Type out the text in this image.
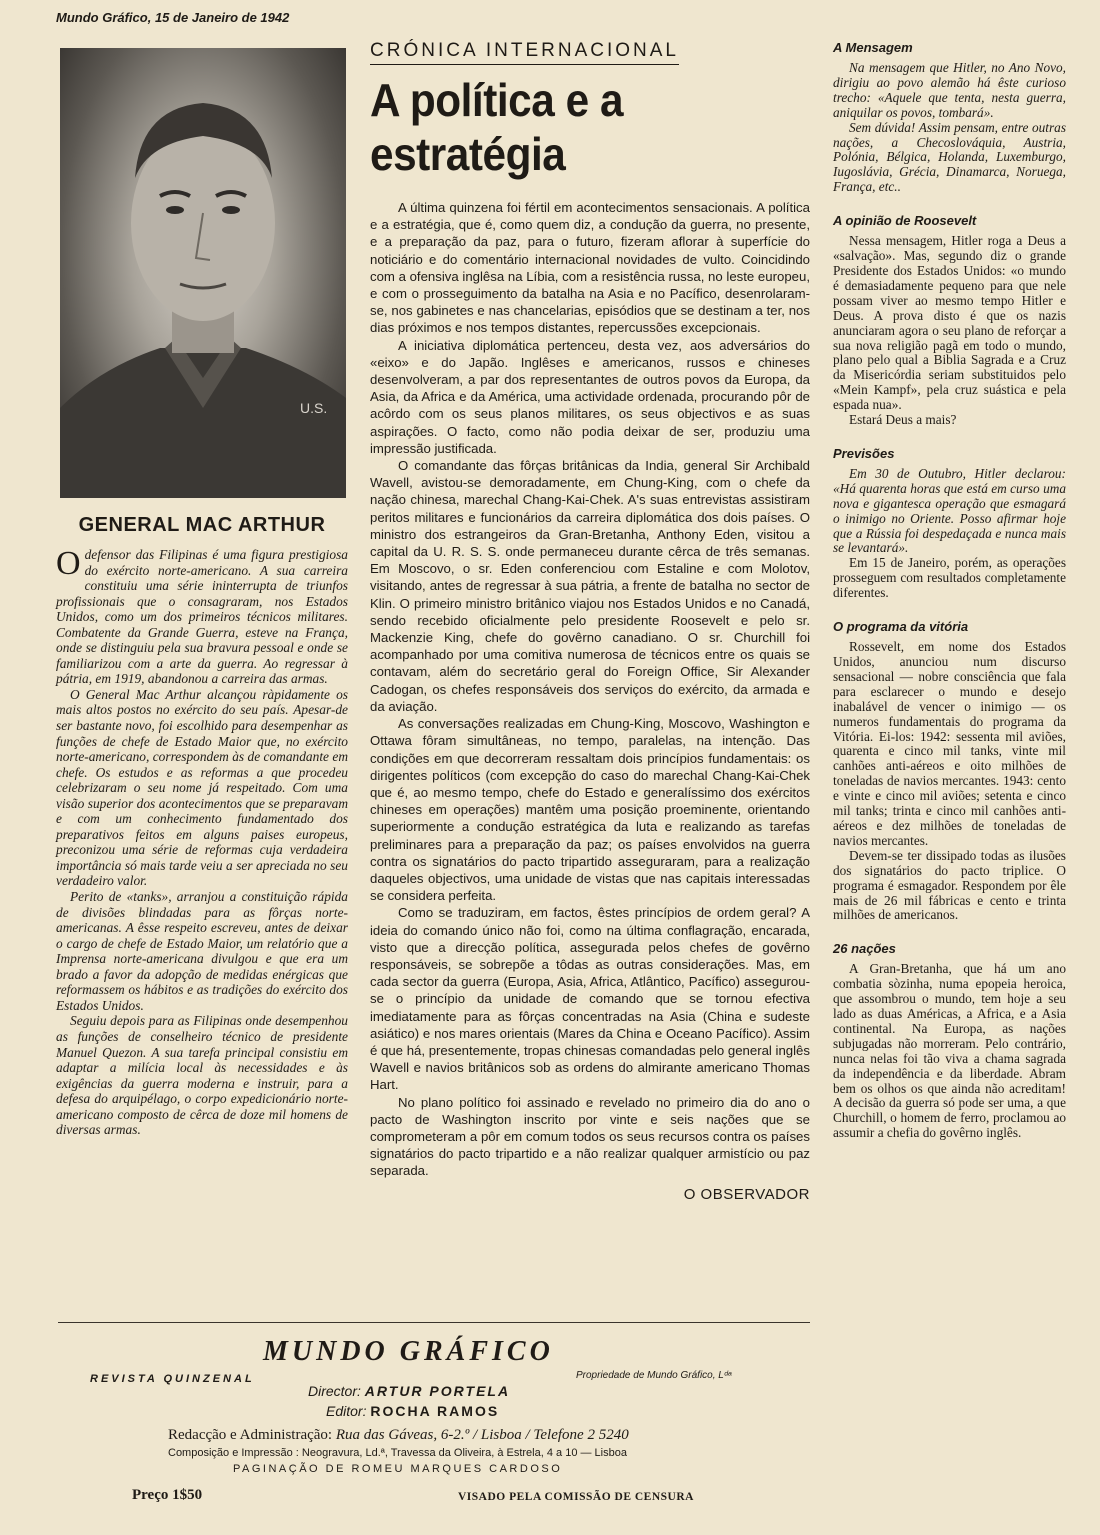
Mundo Gráfico, 15 de Janeiro de 1942
U.S.
GENERAL MAC ARTHUR

Odefensor das Filipinas é uma figura prestigiosa do exército norte-americano. A sua carreira constituiu uma série ininterrupta de triunfos profissionais que o consagraram, nos Estados Unidos, como um dos primeiros técnicos militares. Combatente da Grande Guerra, esteve na França, onde se distinguiu pela sua bravura pessoal e onde se familiarizou com a arte da guerra. Ao regressar à pátria, em 1919, abandonou a carreira das armas.

O General Mac Arthur alcançou ràpidamente os mais altos postos no exército do seu país. Apesar-de ser bastante novo, foi escolhido para desempenhar as funções de chefe de Estado Maior que, no exército norte-americano, correspondem às de comandante em chefe. Os estudos e as reformas a que procedeu celebrizaram o seu nome já respeitado. Com uma visão superior dos acontecimentos que se preparavam e com um conhecimento fundamentado dos preparativos feitos em alguns paises europeus, preconizou uma série de reformas cuja verdadeira importância só mais tarde veiu a ser apreciada no seu verdadeiro valor.

Perito de «tanks», arranjou a constituição rápida de divisões blindadas para as fôrças norte-americanas. A êsse respeito escreveu, antes de deixar o cargo de chefe de Estado Maior, um relatório que a Imprensa norte-americana divulgou e que era um brado a favor da adopção de medidas enérgicas que reformassem os hábitos e as tradições do exército dos Estados Unidos.

Seguiu depois para as Filipinas onde desempenhou as funções de conselheiro técnico de presidente Manuel Quezon. A sua tarefa principal consistiu em adaptar a milícia local às necessidades e às exigências da guerra moderna e instruir, para a defesa do arquipélago, o corpo expedicionário norte-americano composto de cêrca de doze mil homens de diversas armas.

CRÓNICA INTERNACIONAL
A política e a estratégia

A última quinzena foi fértil em acontecimentos sensacionais. A política e a estratégia, que é, como quem diz, a condução da guerra, no presente, e a preparação da paz, para o futuro, fizeram aflorar à superfície do noticiário e do comentário internacional novidades de vulto. Coincidindo com a ofensiva inglêsa na Líbia, com a resistência russa, no leste europeu, e com o prosseguimento da batalha na Asia e no Pacífico, desenrolaram-se, nos gabinetes e nas chancelarias, episódios que se destinam a ter, nos dias próximos e nos tempos distantes, repercussões excepcionais.

A iniciativa diplomática pertenceu, desta vez, aos adversários do «eixo» e do Japão. Inglêses e americanos, russos e chineses desenvolveram, a par dos representantes de outros povos da Europa, da Asia, da Africa e da América, uma actividade ordenada, procurando pôr de acôrdo com os seus planos militares, os seus objectivos e as suas aspirações. O facto, como não podia deixar de ser, produziu uma impressão justificada.

O comandante das fôrças britânicas da India, general Sir Archibald Wavell, avistou-se demoradamente, em Chung-King, com o chefe da nação chinesa, marechal Chang-Kai-Chek. A's suas entrevistas assistiram peritos militares e funcionários da carreira diplomática dos dois países. O ministro dos estrangeiros da Gran-Bretanha, Anthony Eden, visitou a capital da U. R. S. S. onde permaneceu durante cêrca de três semanas. Em Moscovo, o sr. Eden conferenciou com Estaline e com Molotov, visitando, antes de regressar à sua pátria, a frente de batalha no sector de Klin. O primeiro ministro britânico viajou nos Estados Unidos e no Canadá, sendo recebido oficialmente pelo presidente Roosevelt e pelo sr. Mackenzie King, chefe do govêrno canadiano. O sr. Churchill foi acompanhado por uma comitiva numerosa de técnicos entre os quais se contavam, além do secretário geral do Foreign Office, Sir Alexander Cadogan, os chefes responsáveis dos serviços do exército, da armada e da aviação.

As conversações realizadas em Chung-King, Moscovo, Washington e Ottawa fôram simultâneas, no tempo, paralelas, na intenção. Das condições em que decorreram ressaltam dois princípios fundamentais: os dirigentes políticos (com excepção do caso do marechal Chang-Kai-Chek que é, ao mesmo tempo, chefe do Estado e generalíssimo dos exércitos chineses em operações) mantêm uma posição proeminente, orientando superiormente a condução estratégica da luta e realizando as tarefas preliminares para a preparação da paz; os países envolvidos na guerra contra os signatários do pacto tripartido asseguraram, para a realização daqueles objectivos, uma unidade de vistas que nas capitais interessadas se considera perfeita.

Como se traduziram, em factos, êstes princípios de ordem geral? A ideia do comando único não foi, como na última conflagração, encarada, visto que a direcção política, assegurada pelos chefes de govêrno responsáveis, se sobrepõe a tôdas as outras considerações. Mas, em cada sector da guerra (Europa, Asia, Africa, Atlântico, Pacífico) assegurou-se o princípio da unidade de comando que se tornou efectiva imediatamente para as fôrças concentradas na Asia (China e sudeste asiático) e nos mares orientais (Mares da China e Oceano Pacífico). Assim é que há, presentemente, tropas chinesas comandadas pelo general inglês Wavell e navios britânicos sob as ordens do almirante americano Thomas Hart.

No plano político foi assinado e revelado no primeiro dia do ano o pacto de Washington inscrito por vinte e seis nações que se comprometeram a pôr em comum todos os seus recursos contra os países signatários do pacto tripartido e a não realizar qualquer armistício ou paz separada.

O OBSERVADOR
A Mensagem

Na mensagem que Hitler, no Ano Novo, dirigiu ao povo alemão há êste curioso trecho: «Aquele que tenta, nesta guerra, aniquilar os povos, tombará».

Sem dúvida! Assim pensam, entre outras nações, a Checoslováquia, Austria, Polónia, Bélgica, Holanda, Luxemburgo, Iugoslávia, Grécia, Dinamarca, Noruega, França, etc..

A opinião de Roosevelt

Nessa mensagem, Hitler roga a Deus a «salvação». Mas, segundo diz o grande Presidente dos Estados Unidos: «o mundo é demasiadamente pequeno para que nele possam viver ao mesmo tempo Hitler e Deus. A prova disto é que os nazis anunciaram agora o seu plano de reforçar a sua nova religião pagã em todo o mundo, plano pelo qual a Biblia Sagrada e a Cruz da Misericórdia seriam substituidos pelo «Mein Kampf», pela cruz suástica e pela espada nua».

Estará Deus a mais?

Previsões

Em 30 de Outubro, Hitler declarou: «Há quarenta horas que está em curso uma nova e gigantesca operação que esmagará o inimigo no Oriente. Posso afirmar hoje que a Rússia foi despedaçada e nunca mais se levantará».

Em 15 de Janeiro, porém, as operações prosseguem com resultados completamente diferentes.

O programa da vitória

Rossevelt, em nome dos Estados Unidos, anunciou num discurso sensacional — nobre consciência que fala para esclarecer o mundo e desejo inabalável de vencer o inimigo — os numeros fundamentais do programa da Vitória. Ei-los: 1942: sessenta mil aviões, quarenta e cinco mil tanks, vinte mil canhões anti-aéreos e oito milhões de toneladas de navios mercantes. 1943: cento e vinte e cinco mil aviões; setenta e cinco mil tanks; trinta e cinco mil canhões anti-aéreos e dez milhões de toneladas de navios mercantes.

Devem-se ter dissipado todas as ilusões dos signatários do pacto triplice. O programa é esmagador. Respondem por êle mais de 26 mil fábricas e cento e trinta milhões de americanos.

26 nações

A Gran-Bretanha, que há um ano combatia sòzinha, numa epopeia heroica, que assombrou o mundo, tem hoje a seu lado as duas Américas, a Africa, e a Asia continental. Na Europa, as nações subjugadas não morreram. Pelo contrário, nunca nelas foi tão viva a chama sagrada da independência e da liberdade. Abram bem os olhos os que ainda não acreditam! A decisão da guerra só pode ser uma, a que Churchill, o homem de ferro, proclamou ao assumir a chefia do govêrno inglês.

MUNDO GRÁFICO
REVISTA QUINZENAL	Propriedade de Mundo Gráfico, Lᵈᵃ
Director: ARTUR PORTELA
Editor: ROCHA RAMOS
Redacção e Administração: Rua das Gáveas, 6-2.º / Lisboa / Telefone 2 5240
Composição e Impressão : Neogravura, Ld.ª, Travessa da Oliveira, à Estrela, 4 a 10 — Lisboa
PAGINAÇÃO DE ROMEU MARQUES CARDOSO
Preço 1$50	VISADO PELA COMISSÃO DE CENSURA
